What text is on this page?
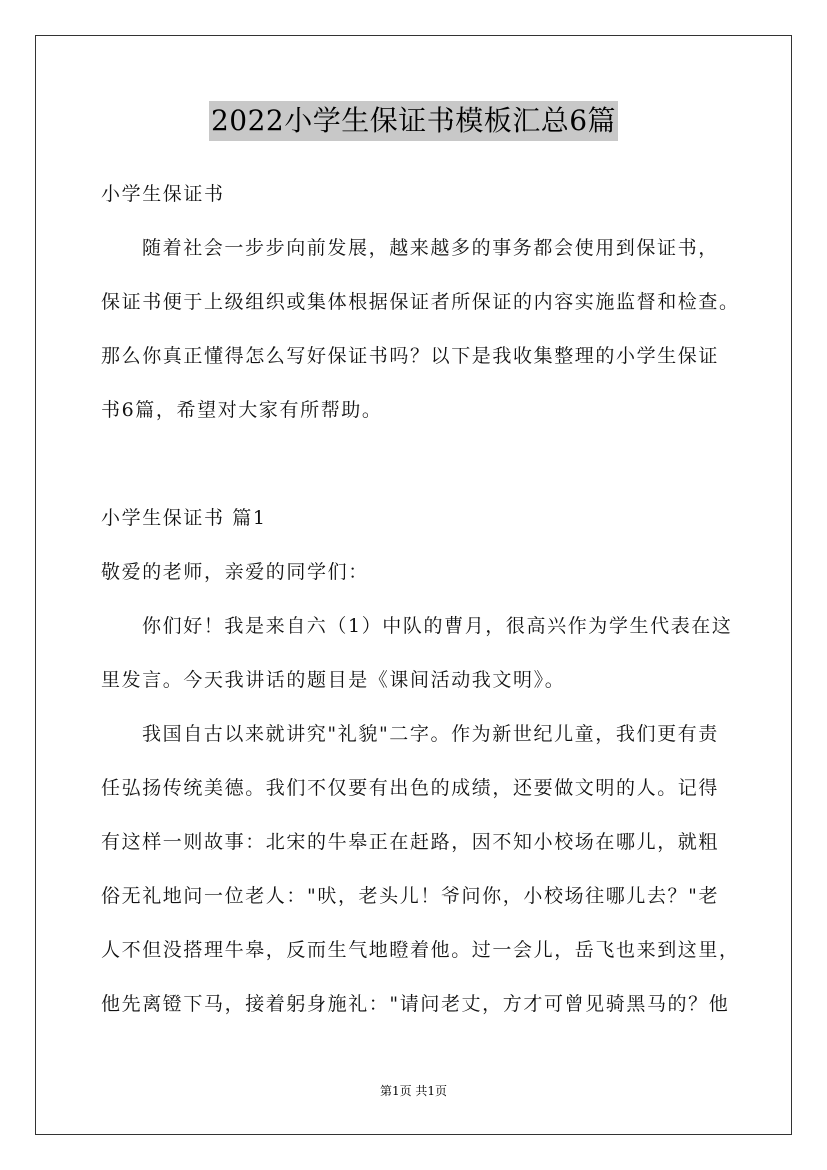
2022小学生保证书模板汇总6篇
小学生保证书
随着社会一步步向前发展，越来越多的事务都会使用到保证书，
保证书便于上级组织或集体根据保证者所保证的内容实施监督和检查。
那么你真正懂得怎么写好保证书吗？以下是我收集整理的小学生保证
书6篇，希望对大家有所帮助。
小学生保证书 篇1
敬爱的老师，亲爱的同学们：
你们好！我是来自六（1）中队的曹月，很高兴作为学生代表在这
里发言。今天我讲话的题目是《课间活动我文明》。
我国自古以来就讲究"礼貌"二字。作为新世纪儿童，我们更有责
任弘扬传统美德。我们不仅要有出色的成绩，还要做文明的人。记得
有这样一则故事：北宋的牛皋正在赶路，因不知小校场在哪儿，就粗
俗无礼地问一位老人："吠，老头儿！爷问你，小校场往哪儿去？"老
人不但没搭理牛皋，反而生气地瞪着他。过一会儿，岳飞也来到这里，
他先离镫下马，接着躬身施礼："请问老丈，方才可曾见骑黑马的？他
第1页 共1页
